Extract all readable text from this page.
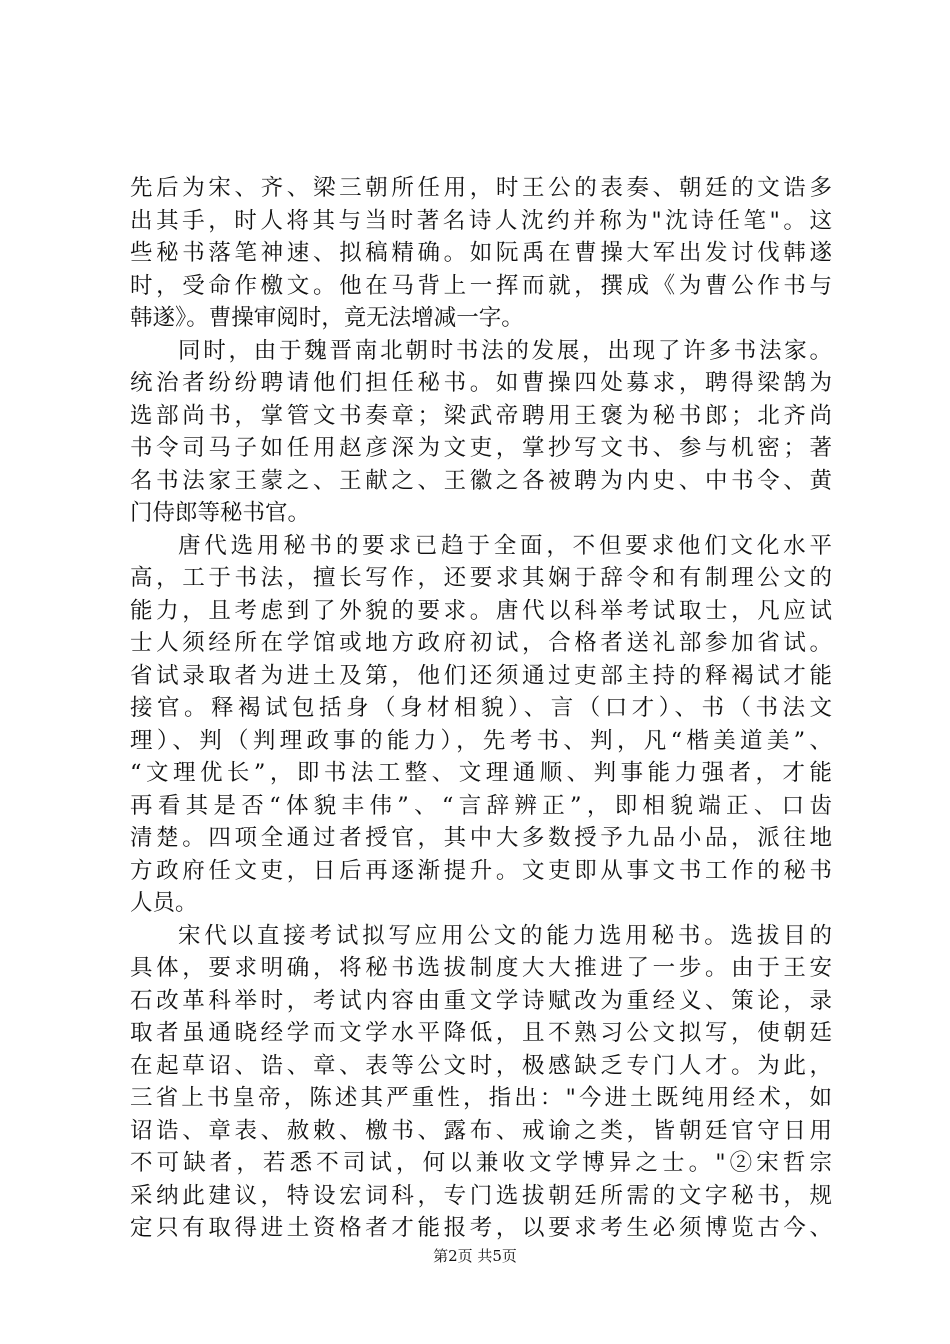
先后为宋、齐、梁三朝所任用，时王公的表奏、朝廷的文诰多
出其手，时人将其与当时著名诗人沈约并称为"沈诗任笔"。这
些秘书落笔神速、拟稿精确。如阮禹在曹操大军出发讨伐韩遂
时，受命作檄文。他在马背上一挥而就，撰成《为曹公作书与
韩遂》。曹操审阅时，竟无法增减一字。
同时，由于魏晋南北朝时书法的发展，出现了许多书法家。
统治者纷纷聘请他们担任秘书。如曹操四处募求，聘得梁鹄为
选部尚书，掌管文书奏章；梁武帝聘用王褒为秘书郎；北齐尚
书令司马子如任用赵彦深为文吏，掌抄写文书、参与机密；著
名书法家王蒙之、王献之、王徽之各被聘为内史、中书令、黄
门侍郎等秘书官。
唐代选用秘书的要求已趋于全面，不但要求他们文化水平
高，工于书法，擅长写作，还要求其娴于辞令和有制理公文的
能力，且考虑到了外貌的要求。唐代以科举考试取士，凡应试
士人须经所在学馆或地方政府初试，合格者送礼部参加省试。
省试录取者为进土及第，他们还须通过吏部主持的释褐试才能
接官。释褐试包括身（身材相貌）、言（口才）、书（书法文
理）、判（判理政事的能力），先考书、判，凡“楷美道美”、
“文理优长”，即书法工整、文理通顺、判事能力强者，才能
再看其是否“体貌丰伟”、“言辞辨正”，即相貌端正、口齿
清楚。四项全通过者授官，其中大多数授予九品小品，派往地
方政府任文吏，日后再逐渐提升。文吏即从事文书工作的秘书
人员。
宋代以直接考试拟写应用公文的能力选用秘书。选拔目的
具体，要求明确，将秘书选拔制度大大推进了一步。由于王安
石改革科举时，考试内容由重文学诗赋改为重经义、策论，录
取者虽通晓经学而文学水平降低，且不熟习公文拟写，使朝廷
在起草诏、诰、章、表等公文时，极感缺乏专门人才。为此，
三省上书皇帝，陈述其严重性，指出："今进土既纯用经术，如
诏诰、章表、赦敕、檄书、露布、戒谕之类，皆朝廷官守日用
不可缺者，若悉不司试，何以兼收文学博异之士。"②宋哲宗
采纳此建议，特设宏词科，专门选拔朝廷所需的文字秘书，规
定只有取得进土资格者才能报考，以要求考生必须博览古今、
第2页 共5页
